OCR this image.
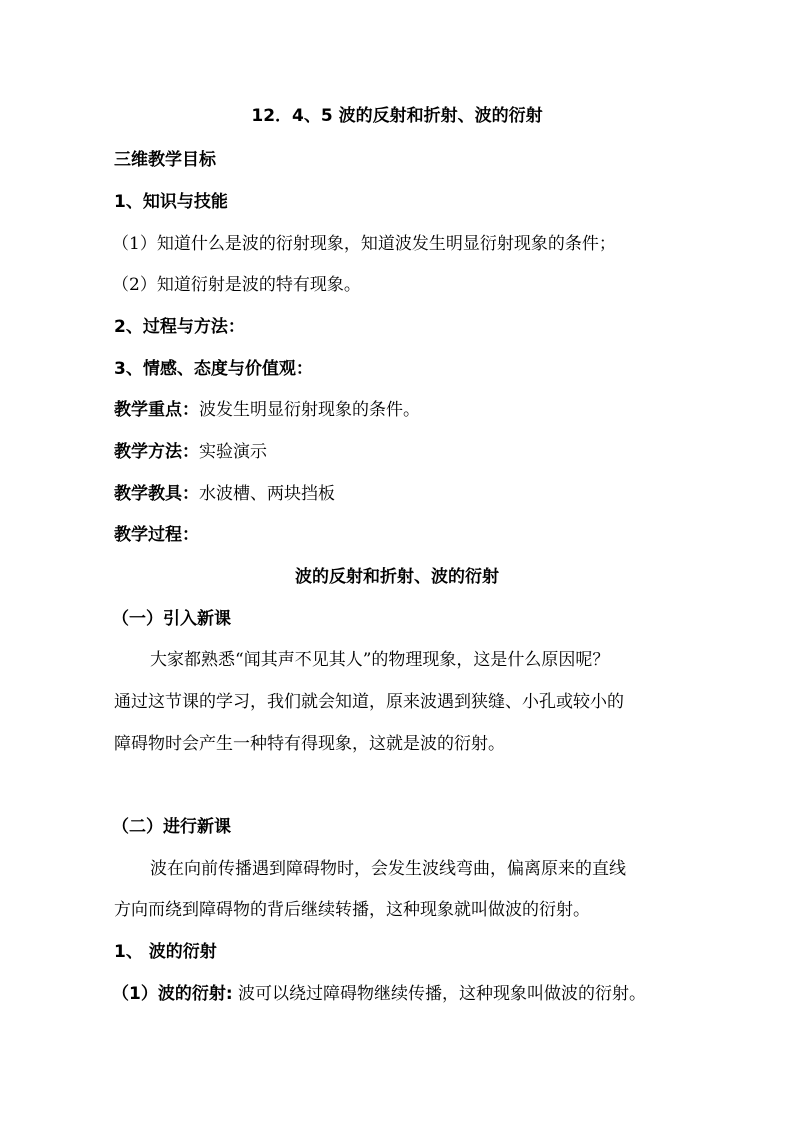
12．4、5 波的反射和折射、波的衍射
三维教学目标
1、知识与技能
（1）知道什么是波的衍射现象，知道波发生明显衍射现象的条件；
（2）知道衍射是波的特有现象。
2、过程与方法：
3、情感、态度与价值观：
教学重点：波发生明显衍射现象的条件。
教学方法：实验演示
教学教具：水波槽、两块挡板
教学过程：
波的反射和折射、波的衍射
（一）引入新课
大家都熟悉“闻其声不见其人”的物理现象，这是什么原因呢？
通过这节课的学习，我们就会知道，原来波遇到狭缝、小孔或较小的
障碍物时会产生一种特有得现象，这就是波的衍射。
（二）进行新课
波在向前传播遇到障碍物时，会发生波线弯曲，偏离原来的直线
方向而绕到障碍物的背后继续转播，这种现象就叫做波的衍射。
1、 波的衍射
（1）波的衍射: 波可以绕过障碍物继续传播，这种现象叫做波的衍射。
